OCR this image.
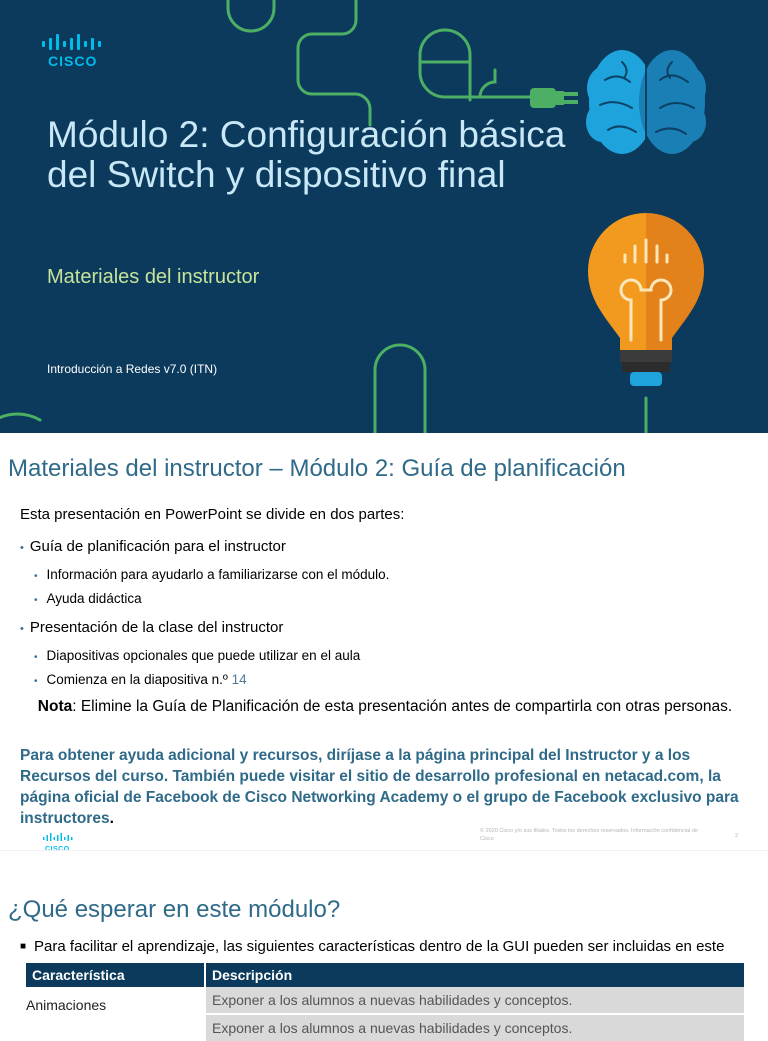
CISCO
Módulo 2: Configuración básica del Switch y dispositivo final
Materiales del instructor
Introducción a Redes v7.0 (ITN)
Materiales del instructor – Módulo 2: Guía de planificación
Esta presentación en PowerPoint se divide en dos partes:
• Guía de planificación para el instructor
• Información para ayudarlo a familiarizarse con el módulo.
• Ayuda didáctica
• Presentación de la clase del instructor
• Diapositivas opcionales que puede utilizar en el aula
• Comienza en la diapositiva n.º 14
Nota: Elimine la Guía de Planificación de esta presentación antes de compartirla con otras personas.
Para obtener ayuda adicional y recursos, diríjase a la página principal del Instructor y a los Recursos del curso. También puede visitar el sitio de desarrollo profesional en netacad.com, la página oficial de Facebook de Cisco Networking Academy o el grupo de Facebook exclusivo para instructores.
© 2020 Cisco y/o sus filiales. Todos los derechos reservados. Información confidencial de Cisco	2
¿Qué esperar en este módulo?
■ Para facilitar el aprendizaje, las siguientes características dentro de la GUI pueden ser incluidas en este
Característica	Descripción
Animaciones	Exponer a los alumnos a nuevas habilidades y conceptos.
	Exponer a los alumnos a nuevas habilidades y conceptos.
